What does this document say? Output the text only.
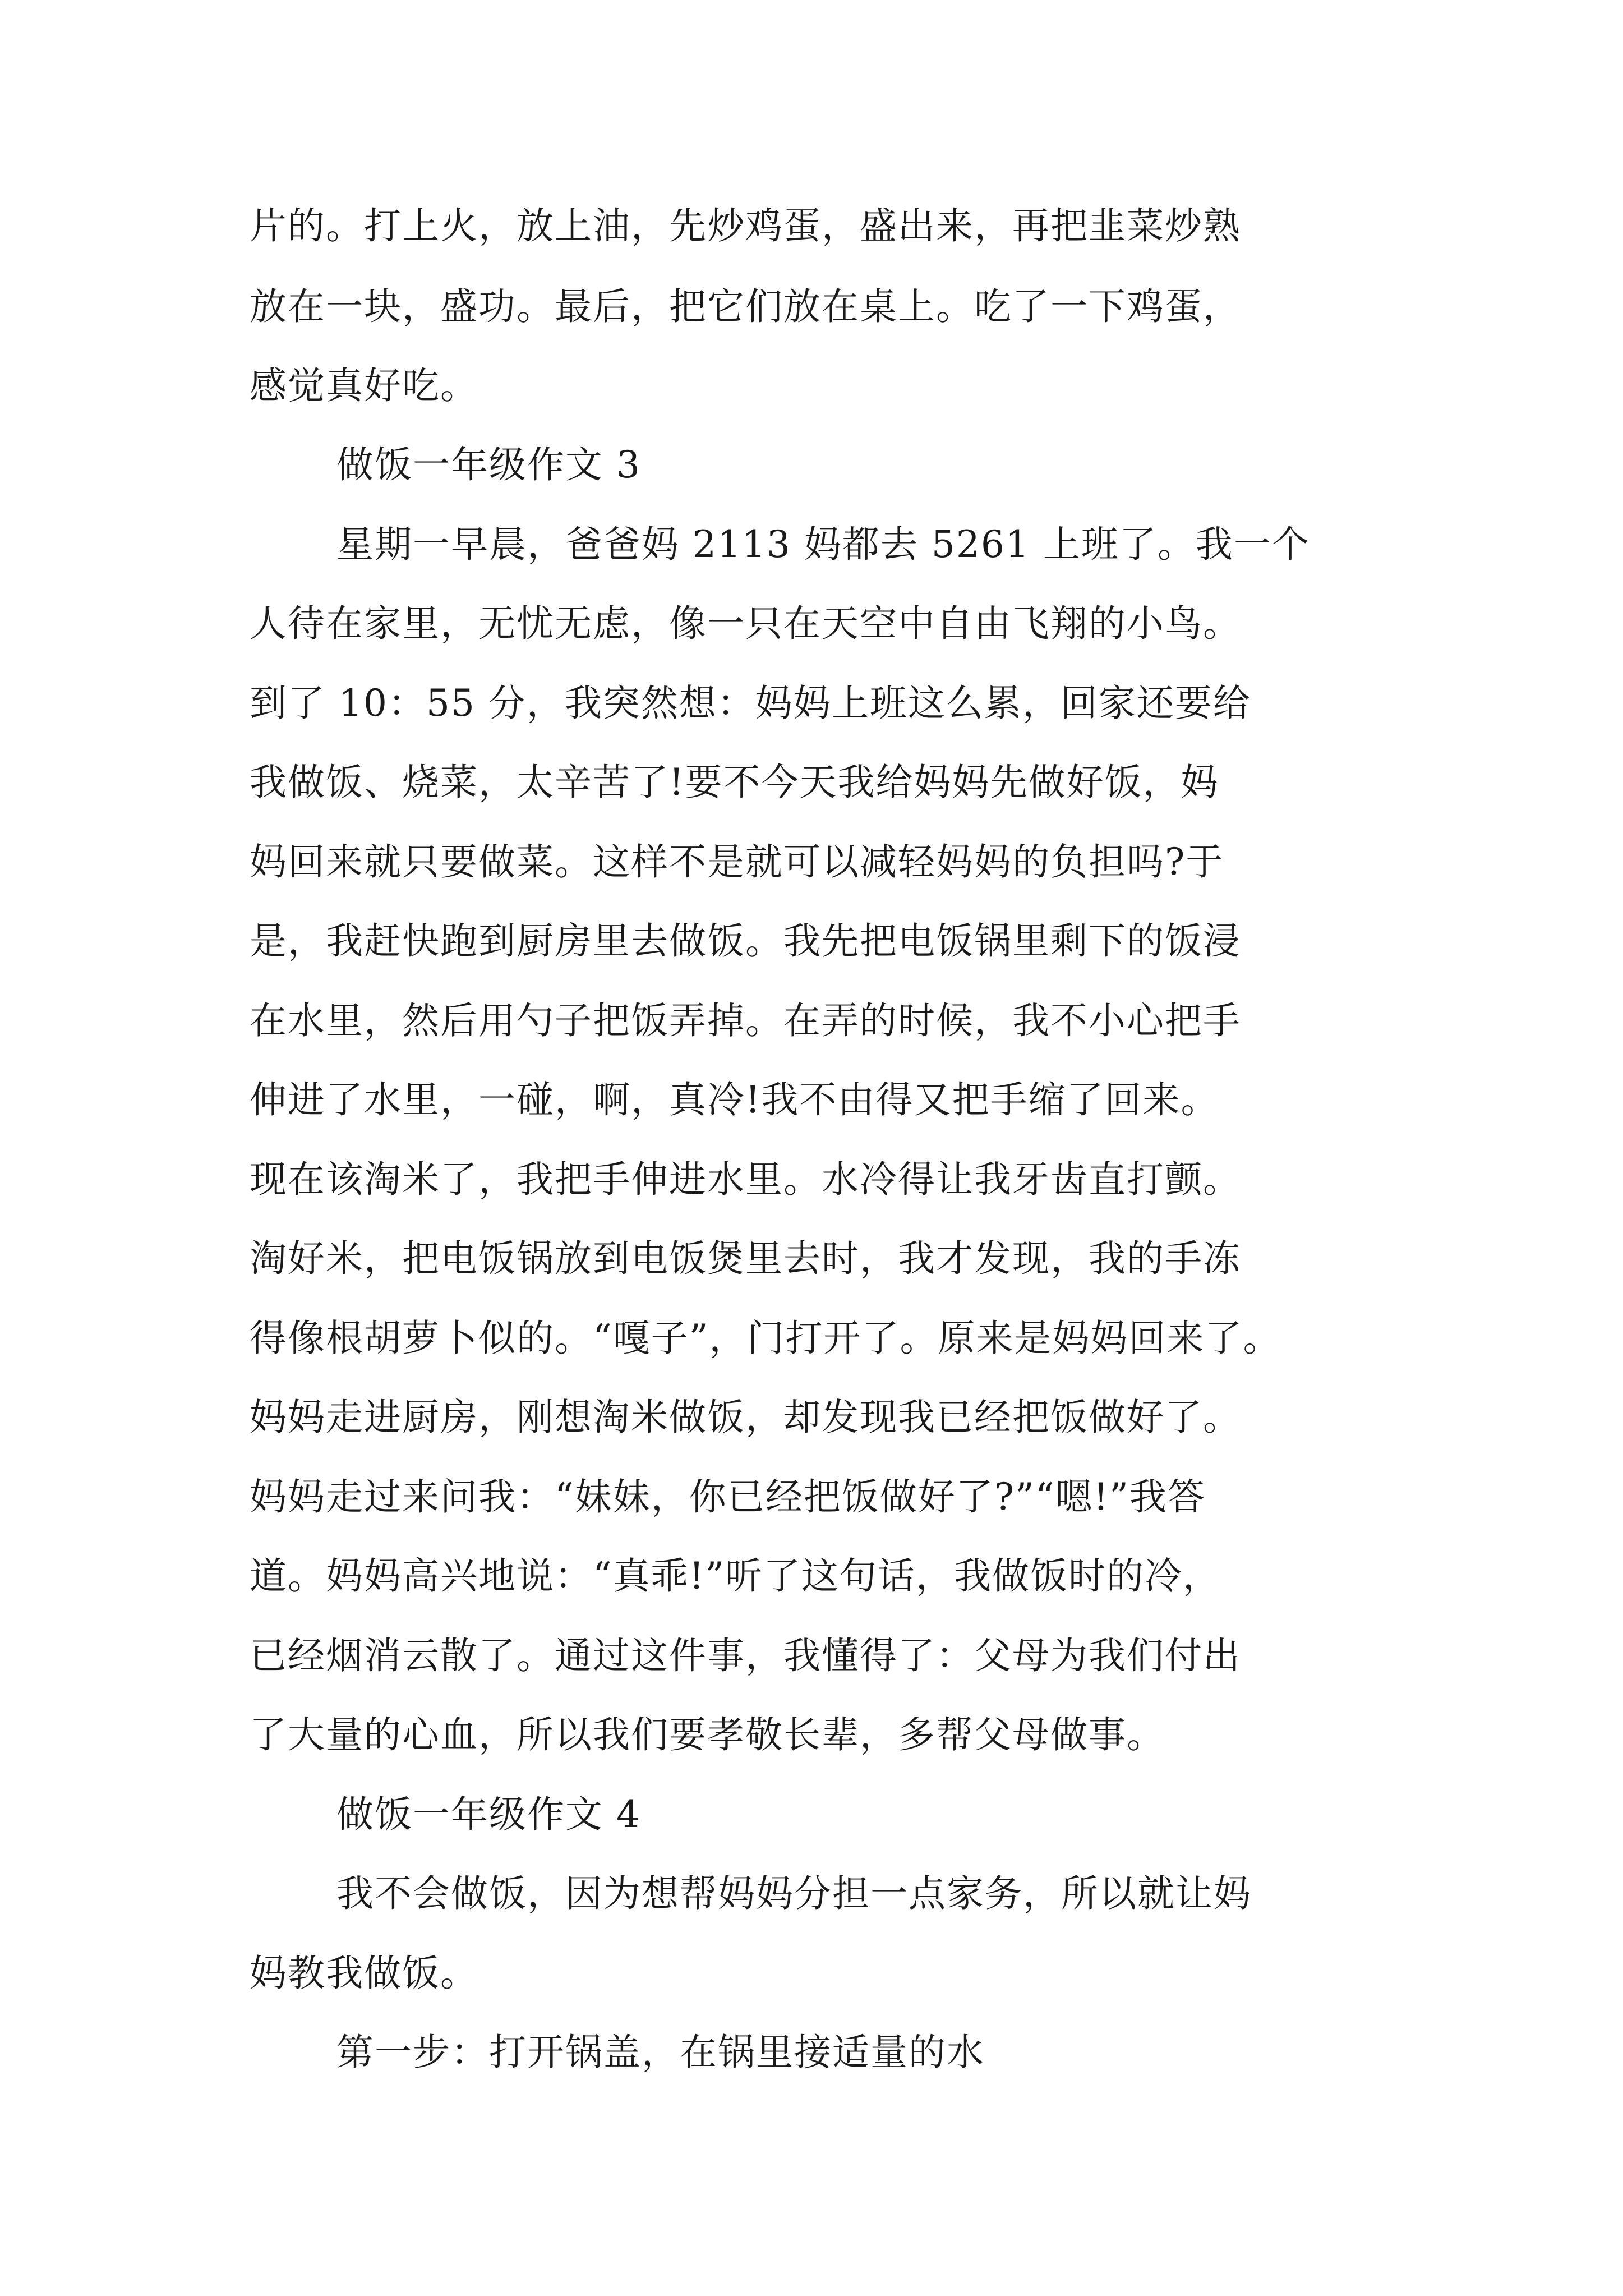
片的。打上火，放上油，先炒鸡蛋，盛出来，再把韭菜炒熟

放在一块，盛功。最后，把它们放在桌上。吃了一下鸡蛋，

感觉真好吃。

做饭一年级作文 3

星期一早晨，爸爸妈 2113 妈都去 5261 上班了。我一个

人待在家里，无忧无虑，像一只在天空中自由飞翔的小鸟。

到了 10：55 分，我突然想：妈妈上班这么累，回家还要给

我做饭、烧菜，太辛苦了!要不今天我给妈妈先做好饭，妈

妈回来就只要做菜。这样不是就可以减轻妈妈的负担吗?于

是，我赶快跑到厨房里去做饭。我先把电饭锅里剩下的饭浸

在水里，然后用勺子把饭弄掉。在弄的时候，我不小心把手

伸进了水里，一碰，啊，真冷!我不由得又把手缩了回来。

现在该淘米了，我把手伸进水里。水冷得让我牙齿直打颤。

淘好米，把电饭锅放到电饭煲里去时，我才发现，我的手冻

得像根胡萝卜似的。“嘎子”，门打开了。原来是妈妈回来了。

妈妈走进厨房，刚想淘米做饭，却发现我已经把饭做好了。

妈妈走过来问我：“妹妹，你已经把饭做好了?”“嗯!”我答

道。妈妈高兴地说：“真乖!”听了这句话，我做饭时的冷，

已经烟消云散了。通过这件事，我懂得了：父母为我们付出

了大量的心血，所以我们要孝敬长辈，多帮父母做事。

做饭一年级作文 4

我不会做饭，因为想帮妈妈分担一点家务，所以就让妈

妈教我做饭。

第一步：打开锅盖，在锅里接适量的水
